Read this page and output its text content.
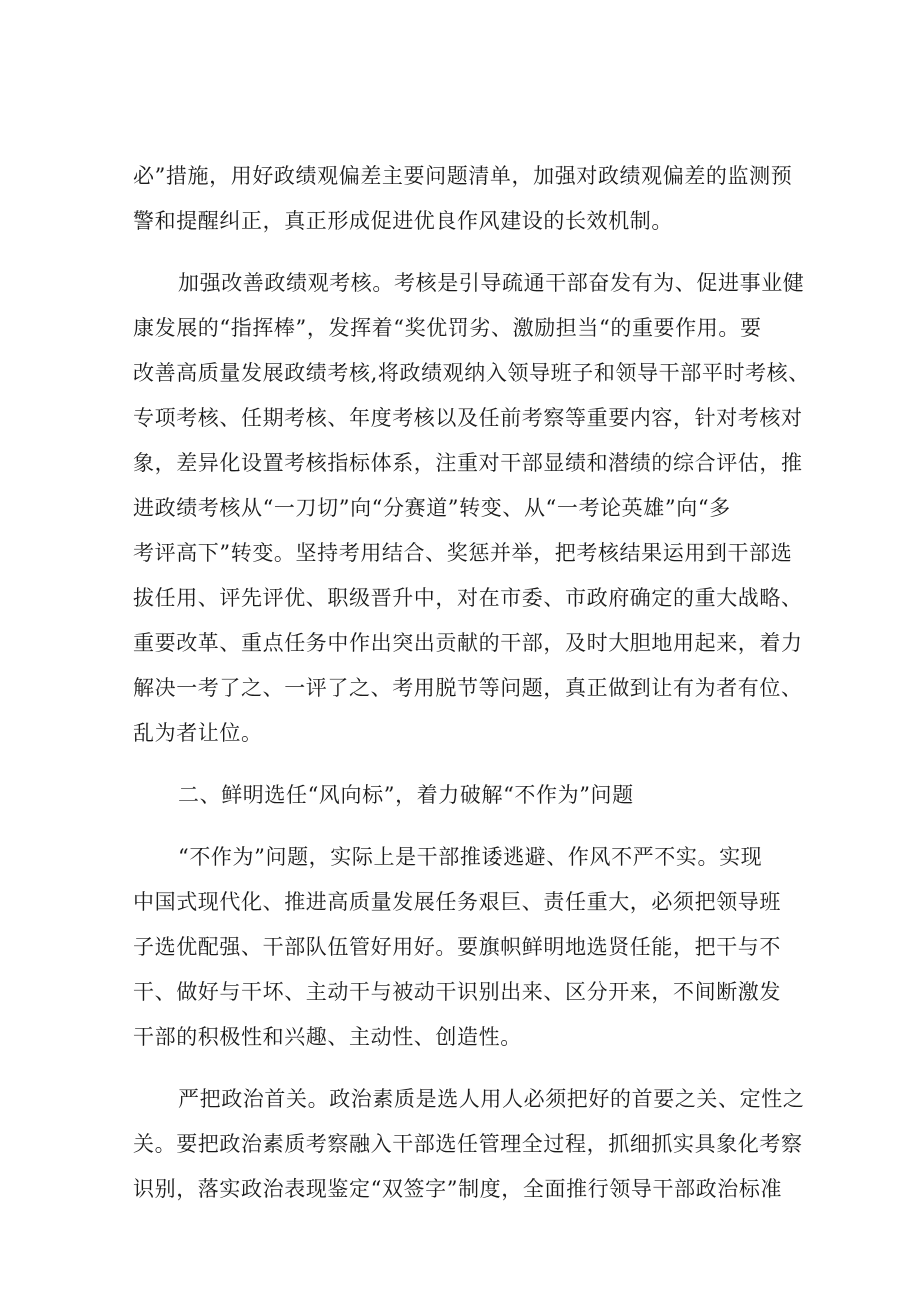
必”措施，用好政绩观偏差主要问题清单，加强对政绩观偏差的监测预
警和提醒纠正，真正形成促进优良作风建设的长效机制。
加强改善政绩观考核。考核是引导疏通干部奋发有为、促进事业健
康发展的“指挥棒”，发挥着“奖优罚劣、激励担当“的重要作用。要
改善高质量发展政绩考核,将政绩观纳入领导班子和领导干部平时考核、
专项考核、任期考核、年度考核以及任前考察等重要内容，针对考核对
象，差异化设置考核指标体系，注重对干部显绩和潜绩的综合评估，推
进政绩考核从“一刀切”向“分赛道”转变、从“一考论英雄”向“多
考评高下”转变。坚持考用结合、奖惩并举，把考核结果运用到干部选
拔任用、评先评优、职级晋升中，对在市委、市政府确定的重大战略、
重要改革、重点任务中作出突出贡献的干部，及时大胆地用起来，着力
解决一考了之、一评了之、考用脱节等问题，真正做到让有为者有位、
乱为者让位。
二、鲜明选任“风向标”，着力破解“不作为”问题
“不作为”问题，实际上是干部推诿逃避、作风不严不实。实现
中国式现代化、推进高质量发展任务艰巨、责任重大，必须把领导班
子选优配强、干部队伍管好用好。要旗帜鲜明地选贤任能，把干与不
干、做好与干坏、主动干与被动干识别出来、区分开来，不间断激发
干部的积极性和兴趣、主动性、创造性。
严把政治首关。政治素质是选人用人必须把好的首要之关、定性之
关。要把政治素质考察融入干部选任管理全过程，抓细抓实具象化考察
识别，落实政治表现鉴定“双签字”制度，全面推行领导干部政治标准
